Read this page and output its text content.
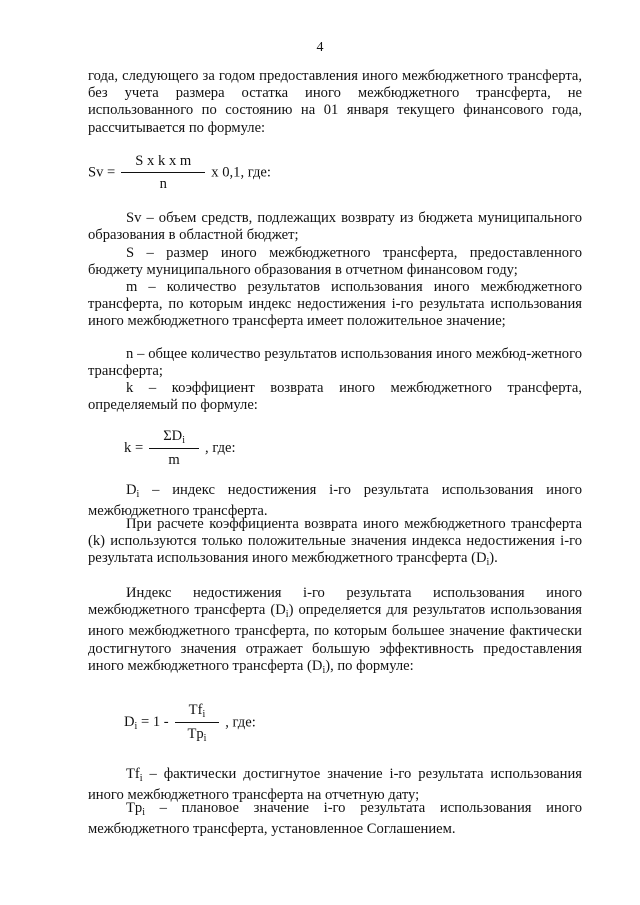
4
года, следующего за годом предоставления иного межбюджетного трансферта, без учета размера остатка иного межбюджетного трансферта, не использованного по состоянию на 01 января текущего финансового года, рассчитывается по формуле:
$Sv = \frac{\text{S x k x m}}{n}$ x 0,1, где:
Sv – объем средств, подлежащих возврату из бюджета муниципального образования в областной бюджет;
S – размер иного межбюджетного трансферта, предоставленного бюджету муниципального образования в отчетном финансовом году;
m – количество результатов использования иного межбюджетного трансферта, по которым индекс недостижения i-го результата использования иного межбюджетного трансферта имеет положительное значение;
n – общее количество результатов использования иного межбюд-жетного трансферта;
k – коэффициент возврата иного межбюджетного трансферта, определяемый по формуле:
$k = \frac{\Sigma D_i}{m}$ , где:
$D_i$ – индекс недостижения i-го результата использования иного межбюджетного трансферта.
При расчете коэффициента возврата иного межбюджетного трансферта (k) используются только положительные значения индекса недостижения i-го результата использования иного межбюджетного трансферта $(D_i)$.
Индекс недостижения i-го результата использования иного межбюджетного трансферта $(D_i)$ определяется для результатов использования иного межбюджетного трансферта, по которым большее значение фактически достигнутого значения отражает большую эффективность предоставления иного межбюджетного трансферта $(D_i)$, по формуле:
$D_i = 1 - \frac{Tf_i}{Tp_i}$ , где:
$Tf_i$ – фактически достигнутое значение i-го результата использования иного межбюджетного трансферта на отчетную дату;
$Tp_i$ – плановое значение i-го результата использования иного межбюджетного трансферта, установленное Соглашением.
